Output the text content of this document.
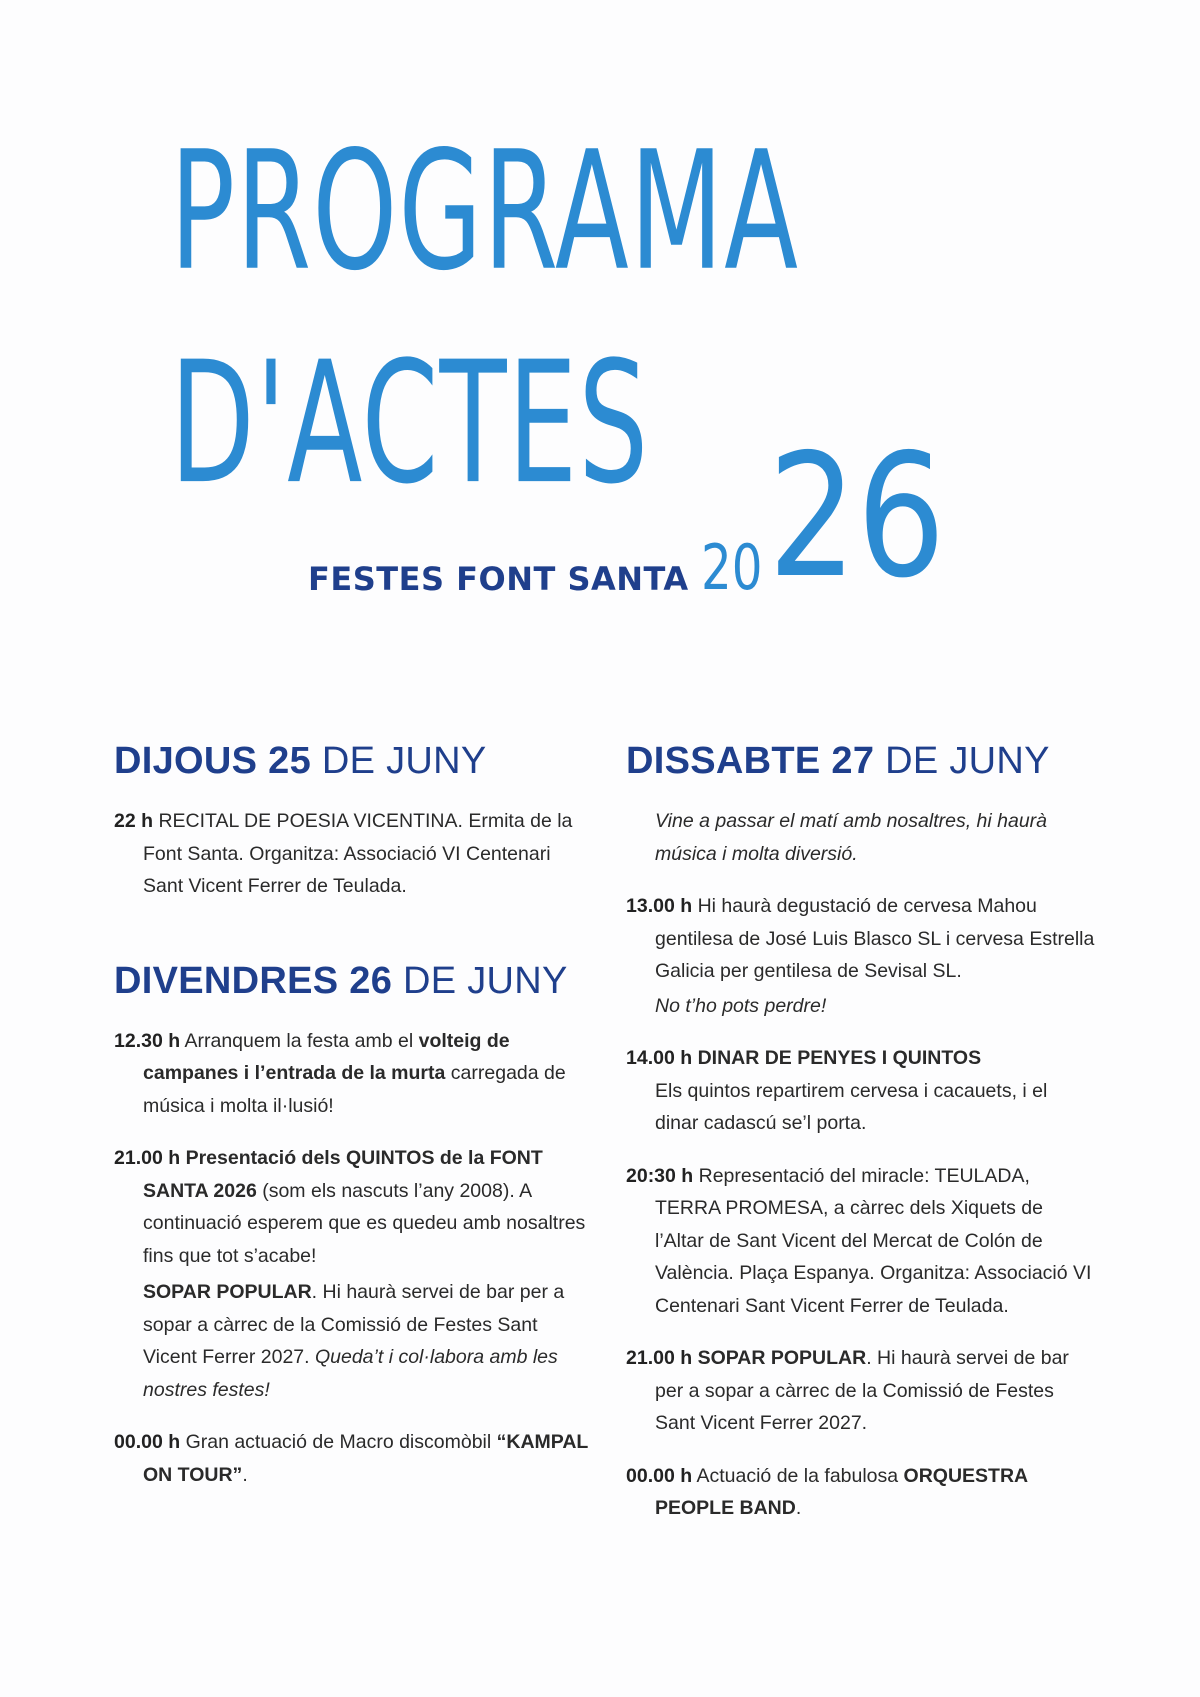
PROGRAMA
D'ACTES
FESTES FONT SANTA 20 26
DIJOUS 25 DE JUNY
22 h RECITAL DE POESIA VICENTINA. Ermita de la Font Santa. Organitza: Associació VI Centenari Sant Vicent Ferrer de Teulada.
DIVENDRES 26 DE JUNY
12.30 h Arranquem la festa amb el volteig de campanes i l’entrada de la murta carregada de música i molta il·lusió!
21.00 h Presentació dels QUINTOS de la FONT SANTA 2026 (som els nascuts l’any 2008). A continuació esperem que es quedeu amb nosaltres fins que tot s’acabe!
SOPAR POPULAR. Hi haurà servei de bar per a sopar a càrrec de la Comissió de Festes Sant Vicent Ferrer 2027. Queda’t i col·labora amb les nostres festes!
00.00 h Gran actuació de Macro discomòbil “KAMPAL ON TOUR”.
DISSABTE 27 DE JUNY
Vine a passar el matí amb nosaltres, hi haurà música i molta diversió.
13.00 h Hi haurà degustació de cervesa Mahou gentilesa de José Luis Blasco SL i cervesa Estrella Galicia per gentilesa de Sevisal SL.
No t’ho pots perdre!
14.00 h DINAR DE PENYES I QUINTOS
Els quintos repartirem cervesa i cacauets, i el dinar cadascú se’l porta.
20:30 h Representació del miracle: TEULADA, TERRA PROMESA, a càrrec dels Xiquets de l’Altar de Sant Vicent del Mercat de Colón de València. Plaça Espanya. Organitza: Associació VI Centenari Sant Vicent Ferrer de Teulada.
21.00 h SOPAR POPULAR. Hi haurà servei de bar per a sopar a càrrec de la Comissió de Festes Sant Vicent Ferrer 2027.
00.00 h Actuació de la fabulosa ORQUESTRA PEOPLE BAND.
